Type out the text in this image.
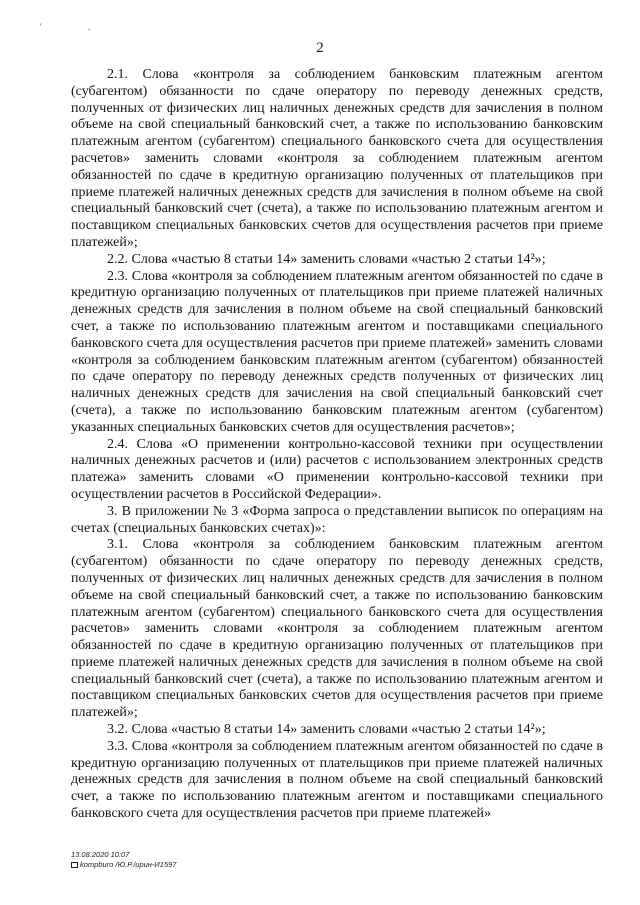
' .
2

2.1. Слова «контроля за соблюдением банковским платежным агентом (субагентом) обязанности по сдаче оператору по переводу денежных средств, полученных от физических лиц наличных денежных средств для зачисления в полном объеме на свой специальный банковский счет, а также по использованию банковским платежным агентом (субагентом) специального банковского счета для осуществления расчетов» заменить словами «контроля за соблюдением платежным агентом обязанностей по сдаче в кредитную организацию полученных от плательщиков при приеме платежей наличных денежных средств для зачисления в полном объеме на свой специальный банковский счет (счета), а также по использованию платежным агентом и поставщиком специальных банковских счетов для осуществления расчетов при приеме платежей»;

2.2. Слова «частью 8 статьи 14» заменить словами «частью 2 статьи 14²»;

2.3. Слова «контроля за соблюдением платежным агентом обязанностей по сдаче в кредитную организацию полученных от плательщиков при приеме платежей наличных денежных средств для зачисления в полном объеме на свой специальный банковский счет, а также по использованию платежным агентом и поставщиками специального банковского счета для осуществления расчетов при приеме платежей» заменить словами «контроля за соблюдением банковским платежным агентом (субагентом) обязанностей по сдаче оператору по переводу денежных средств полученных от физических лиц наличных денежных средств для зачисления на свой специальный банковский счет (счета), а также по использованию банковским платежным агентом (субагентом) указанных специальных банковских счетов для осуществления расчетов»;

2.4. Слова «О применении контрольно-кассовой техники при осуществлении наличных денежных расчетов и (или) расчетов с использованием электронных средств платежа» заменить словами «О применении контрольно-кассовой техники при осуществлении расчетов в Российской Федерации».

3. В приложении № 3 «Форма запроса о представлении выписок по операциям на счетах (специальных банковских счетах)»:

3.1. Слова «контроля за соблюдением банковским платежным агентом (субагентом) обязанности по сдаче оператору по переводу денежных средств, полученных от физических лиц наличных денежных средств для зачисления в полном объеме на свой специальный банковский счет, а также по использованию банковским платежным агентом (субагентом) специального банковского счета для осуществления расчетов» заменить словами «контроля за соблюдением платежным агентом обязанностей по сдаче в кредитную организацию полученных от плательщиков при приеме платежей наличных денежных средств для зачисления в полном объеме на свой специальный банковский счет (счета), а также по использованию платежным агентом и поставщиком специальных банковских счетов для осуществления расчетов при приеме платежей»;

3.2. Слова «частью 8 статьи 14» заменить словами «частью 2 статьи 14²»;

3.3. Слова «контроля за соблюдением платежным агентом обязанностей по сдаче в кредитную организацию полученных от плательщиков при приеме платежей наличных денежных средств для зачисления в полном объеме на свой специальный банковский счет, а также по использованию платежным агентом и поставщиками специального банковского счета для осуществления расчетов при приеме платежей»

13.08.2020 10:07
kompburo /Ю.Р./ирин-И1597
